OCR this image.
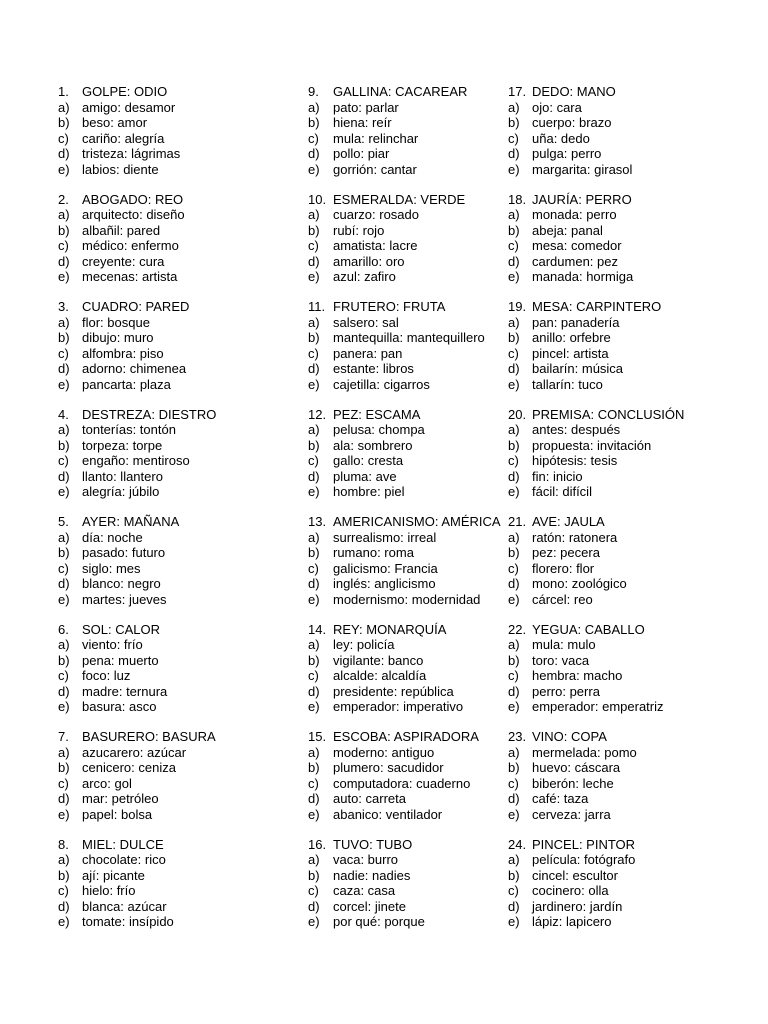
1.	GOLPE: ODIO
a) amigo: desamor
b) beso: amor
c)	cariño: alegría
d) tristeza: lágrimas
e) labios: diente
2.	ABOGADO: REO
a) arquitecto: diseño
b) albañil: pared
c)	médico: enfermo
d) creyente: cura
e) mecenas: artista
3.	CUADRO: PARED
a) flor: bosque
b) dibujo: muro
c)	alfombra: piso
d) adorno: chimenea
e) pancarta: plaza
4.	DESTREZA: DIESTRO
a) tonterías: tontón
b) torpeza: torpe
c)	engaño: mentiroso
d) llanto: llantero
e) alegría: júbilo
5.	AYER: MAÑANA
a) día: noche
b) pasado: futuro
c)	siglo: mes
d) blanco: negro
e) martes: jueves
6.	SOL: CALOR
a) viento: frío
b) pena: muerto
c)	foco: luz
d) madre: ternura
e) basura: asco
7.	BASURERO: BASURA
a) azucarero: azúcar
b) cenicero: ceniza
c)	arco: gol
d) mar: petróleo
e) papel: bolsa
8.	MIEL: DULCE
a) chocolate: rico
b) ají: picante
c)	hielo: frío
d) blanca: azúcar
e) tomate: insípido
9.	GALLINA: CACAREAR
a)	pato: parlar
b)	hiena: reír
c)	mula: relinchar
d)	pollo: piar
e)	gorrión: cantar
10. ESMERALDA: VERDE
a)	cuarzo: rosado
b)	rubí: rojo
c)	amatista: lacre
d)	amarillo: oro
e)	azul: zafiro
11. FRUTERO: FRUTA
a)	salsero: sal
b)	mantequilla: mantequillero
c)	panera: pan
d)	estante: libros
e)	cajetilla: cigarros
12. PEZ: ESCAMA
a)	pelusa: chompa
b)	ala: sombrero
c)	gallo: cresta
d)	pluma: ave
e)	hombre: piel
13. AMERICANISMO: AMÉRICA
a)	surrealismo: irreal
b)	rumano: roma
c)	galicismo: Francia
d)	inglés: anglicismo
e)	modernismo: modernidad
14. REY: MONARQUÍA
a)	ley: policía
b)	vigilante: banco
c)	alcalde: alcaldía
d)	presidente: república
e)	emperador: imperativo
15. ESCOBA: ASPIRADORA
a)	moderno: antiguo
b)	plumero: sacudidor
c)	computadora: cuaderno
d)	auto: carreta
e)	abanico: ventilador
16. TUVO: TUBO
a)	vaca: burro
b)	nadie: nadies
c)	caza: casa
d)	corcel: jinete
e)	por qué: porque
17. DEDO: MANO
a) ojo: cara
b) cuerpo: brazo
c)	uña: dedo
d) pulga: perro
e) margarita: girasol
18. JAURÍA: PERRO
a) monada: perro
b) abeja: panal
c)	mesa: comedor
d) cardumen: pez
e) manada: hormiga
19. MESA: CARPINTERO
a) pan: panadería
b) anillo: orfebre
c)	pincel: artista
d) bailarín: música
e) tallarín: tuco
20. PREMISA: CONCLUSIÓN
a) antes: después
b) propuesta: invitación
c)	hipótesis: tesis
d) fin: inicio
e) fácil: difícil
21. AVE: JAULA
a) ratón: ratonera
b) pez: pecera
c)	florero: flor
d) mono: zoológico
e) cárcel: reo
22. YEGUA: CABALLO
a) mula: mulo
b) toro: vaca
c)	hembra: macho
d) perro: perra
e) emperador: emperatriz
23. VINO: COPA
a) mermelada: pomo
b) huevo: cáscara
c)	biberón: leche
d) café: taza
e) cerveza: jarra
24. PINCEL: PINTOR
a) película: fotógrafo
b) cincel: escultor
c)	cocinero: olla
d) jardinero: jardín
e) lápiz: lapicero
